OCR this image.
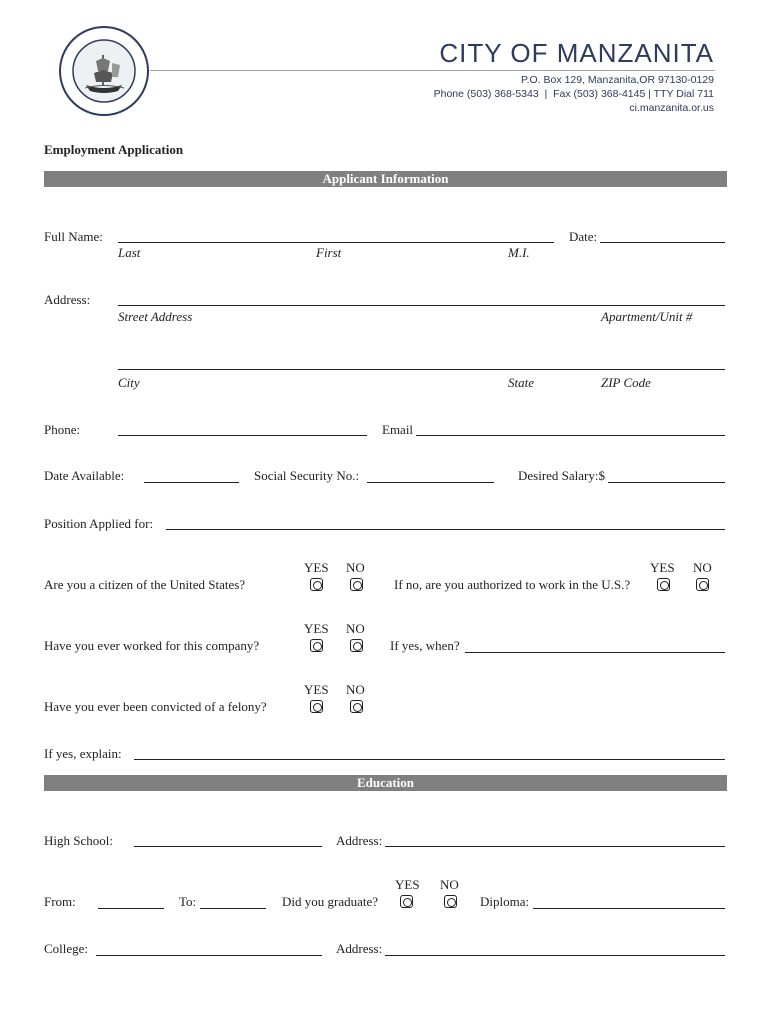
CITY OF MANZANITA
P.O. Box 129, Manzanita,OR 97130-0129
Phone (503) 368-5343  |  Fax (503) 368-4145 | TTY Dial 711
ci.manzanita.or.us
Employment Application
Applicant Information
Full Name:
Last	First	M.I.
Date:
Address:
Street Address	Apartment/Unit #
City	State	ZIP Code
Phone:	Email
Date Available:	Social Security No.:	Desired Salary:$
Position Applied for:
YES NO
Are you a citizen of the United States?
YES NO
If no, are you authorized to work in the U.S.?
YES NO
Have you ever worked for this company?	If yes, when?
YES NO
Have you ever been convicted of a felony?
If yes, explain:
Education
High School:	Address:
YES NO
From:	To:	Did you graduate?	Diploma:
College:	Address:
